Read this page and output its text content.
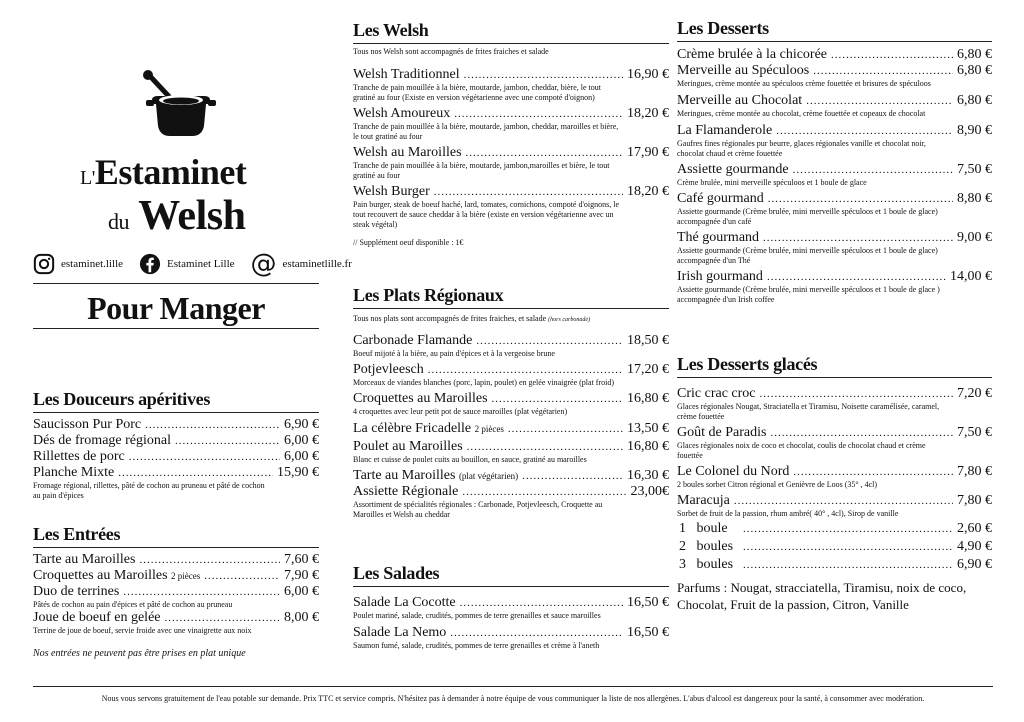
L'Estaminet
du Welsh
estaminet.lille	Estaminet Lille @ estaminetlille.fr
Pour Manger
Les Douceurs apéritives
Saucisson Pur Porc .....	6,90 €
Dés de fromage régional .....	6,00 €
Rillettes de porc .....	6,00 €
Planche Mixte .....	15,90 €
Fromage régional, rillettes, pâté de cochon au pruneau et pâté de cochon au pain d'épices
Les Entrées
Tarte au Maroilles .....	7,60 €
Croquettes au Maroilles 2 pièces .....	7,90 €
Duo de terrines .....	6,00 €
Pâtés de cochon au pain d'épices et pâté de cochon au pruneau
Joue de boeuf en gelée .....	8,00 €
Terrine de joue de boeuf, servie froide avec une vinaigrette aux noix
Nos entrées ne peuvent pas être prises en plat unique
Les Welsh
Tous nos Welsh sont accompagnés de frites fraiches et salade
Welsh Traditionnel .....	16,90 €
Tranche de pain mouillée à la bière, moutarde, jambon, cheddar, bière, le tout gratiné au four (Existe en version végétarienne avec une compoté d'oignon)
Welsh Amoureux .....	18,20 €
Tranche de pain mouillée à la bière, moutarde, jambon, cheddar, maroilles et bière, le tout gratiné au four
Welsh au Maroilles .....	17,90 €
Tranche de pain mouillée à la bière, moutarde, jambon,maroilles et bière, le tout gratiné au four
Welsh Burger .....	18,20 €
Pain burger, steak de boeuf haché, lard, tomates, cornichons, compoté d'oignons, le tout recouvert de sauce cheddar à la bière (existe en version végétarienne avec un steak végétal)
// Supplément oeuf disponible : 1€
Les Plats Régionaux
Tous nos plats sont accompagnés de frites fraiches, et salade (hors carbonade)
Carbonade Flamande .....	18,50 €
Boeuf mijoté à la bière, au pain d'épices et à la vergeoise brune
Potjevleesch .....	17,20 €
Morceaux de viandes blanches (porc, lapin, poulet) en gelée vinaigrée (plat froid)
Croquettes au Maroilles .....	16,80 €
4 croquettes avec leur petit pot de sauce maroilles (plat végétarien)
La célèbre Fricadelle 2 pièces .....	13,50 €
Poulet au Maroilles .....	16,80 €
Blanc et cuisse de poulet cuits au bouillon, en sauce, gratiné au maroilles
Tarte au Maroilles (plat végétarien) .....	16,30 €
Assiette Régionale .....	23,00€
Assortiment de spécialités régionales : Carbonade, Potjevleesch, Croquette au Maroilles et Welsh au cheddar
Les Salades
Salade La Cocotte .....	16,50 €
Poulet mariné, salade, crudités, pommes de terre grenailles et sauce maroilles
Salade La Nemo .....	16,50 €
Saumon fumé, salade, crudités, pommes de terre grenailles et crème à l'aneth
Les Desserts
Crème brulée à la chicorée .....	6,80 €
Merveille au Spéculoos .....	6,80 €
Meringues, crème montée au spéculoos crème fouettée et brisures de spéculoos
Merveille au Chocolat .....	6,80 €
Meringues, crème montée au chocolat, crème fouettée et copeaux de chocolat
La Flamanderole .....	8,90 €
Gaufres fines régionales pur beurre, glaces régionales vanille et chocolat noir, chocolat chaud et crème fouettée
Assiette gourmande .....	7,50 €
Crème brulée, mini merveille spéculoos et 1 boule de glace
Café gourmand .....	8,80 €
Assiette gourmande (Crème brulée, mini merveille spéculoos et 1 boule de glace) accompagnée d'un café
Thé gourmand .....	9,00 €
Assiette gourmande (Crème brulée, mini merveille spéculoos et 1 boule de glace) accompagnée d'un Thé
Irish gourmand .....	14,00 €
Assiette gourmande (Crème brulée, mini merveille spéculoos et 1 boule de glace ) accompagnée d'un Irish coffee
Les Desserts glacés
Cric crac croc .....	7,20 €
Glaces régionales Nougat, Straciatella et Tiramisu, Noisette caramélisée, caramel, crème fouettée
Goût de Paradis .....	7,50 €
Glaces régionales noix de coco et chocolat, coulis de chocolat chaud et crème fouettée
Le Colonel du Nord .....	7,80 €
2 boules sorbet Citron régional et Genièvre de Loos (35° , 4cl)
Maracuja .....	7,80 €
Sorbet de fruit de la passion, rhum ambré( 40° , 4cl), Sirop de vanille
1   boule .....	2,60 €
2   boules .....	4,90 €
3   boules .....	6,90 €
Parfums : Nougat, stracciatella, Tiramisu, noix de coco, Chocolat, Fruit de la passion, Citron, Vanille
Nous vous servons gratuitement de l'eau potable sur demande. Prix TTC et service compris. N'hésitez pas à demander à notre équipe de vous communiquer la liste de nos allergènes. L'abus d'alcool est dangereux pour la santé, à consommer avec modération.
